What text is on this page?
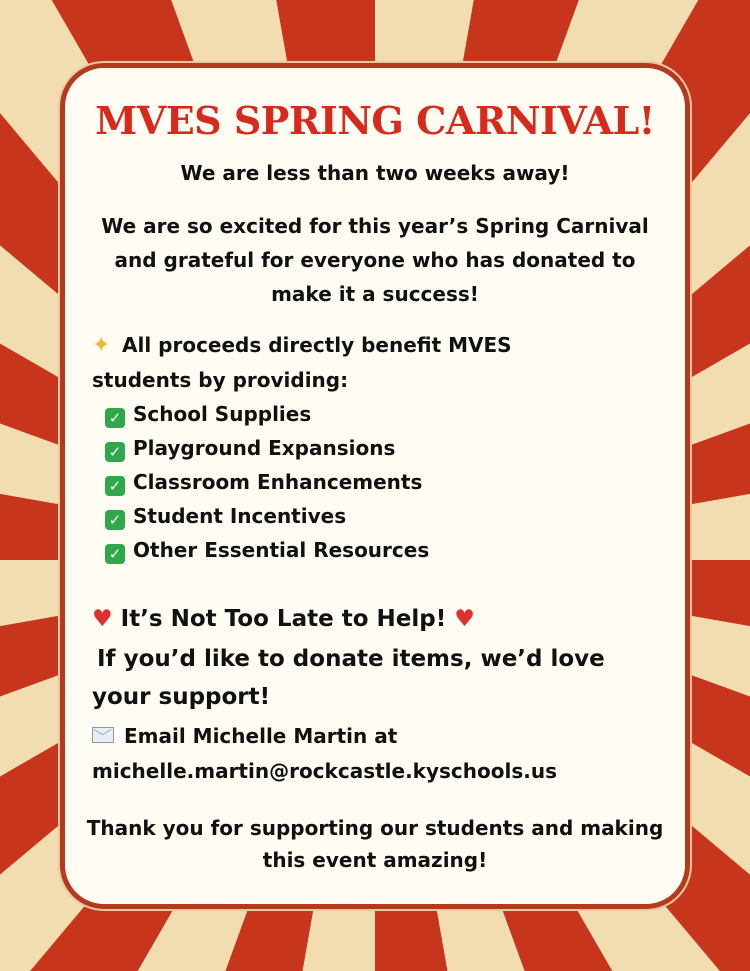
MVES SPRING CARNIVAL!

We are less than two weeks away!

We are so excited for this year’s Spring Carnival and grateful for everyone who has donated to make it a success!

✦ All proceeds directly benefit MVES
students by providing:
✓ School Supplies
✓ Playground Expansions
✓ Classroom Enhancements
✓ Student Incentives
✓ Other Essential Resources
♥ It’s Not Too Late to Help! ♥
If you’d like to donate items, we’d love
your support!
Email Michelle Martin at
michelle.martin@rockcastle.kyschools.us

Thank you for supporting our students and making this event amazing!
